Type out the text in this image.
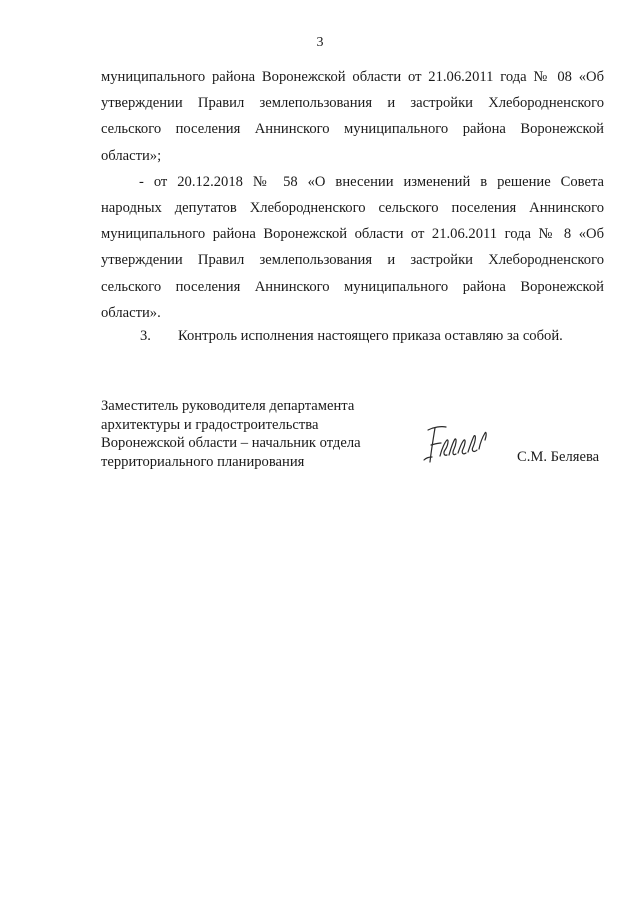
3
муниципального района Воронежской области от 21.06.2011 года № 08 «Об
утверждении Правил землепользования и застройки Хлебородненского
сельского поселения Аннинского муниципального района Воронежской
области»;
- от 20.12.2018 № 58 «О внесении изменений в решение Совета
народных депутатов Хлебородненского сельского поселения Аннинского
муниципального района Воронежской области от 21.06.2011 года № 8 «Об
утверждении Правил землепользования и застройки Хлебородненского
сельского поселения Аннинского муниципального района Воронежской
области».
3. Контроль исполнения настоящего приказа оставляю за собой.
Заместитель руководителя департамента
архитектуры и градостроительства
Воронежской области – начальник отдела
территориального планирования	С.М. Беляева
